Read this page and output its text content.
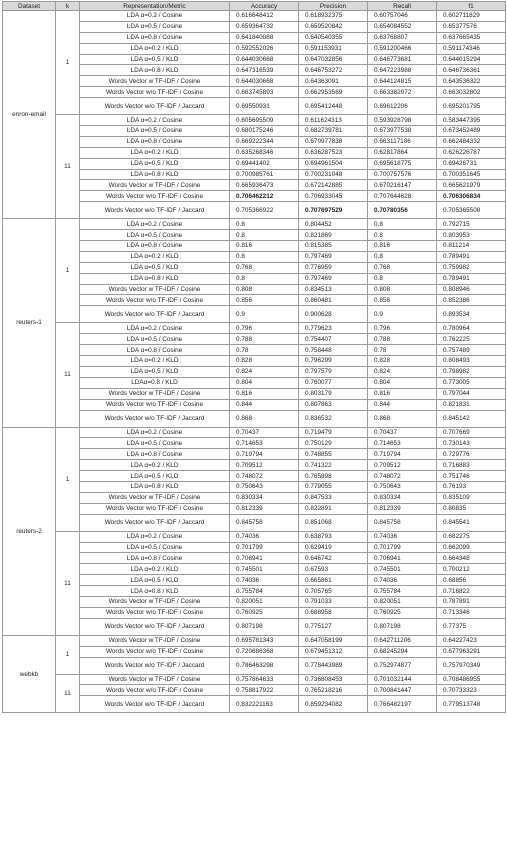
Dataset	k	Representation/Metric	Accuracy	Precision	Recall	f1
enron-email	1	LDA α=0.2 / Cosine	0.616648412	0.618932375	0.60757046	0.602711829
		LDA α=0.5 / Cosine	0.659364732	0.659520842	0.654084552	0.65377576
		LDA α=0.8 / Cosine	0.641840088	0.640540355	0.63768807	0.637665435
		LDA α=0.2 / KLD	0.592552026	0.591153931	0.591200466	0.591174346
		LDA α=0.5 / KLD	0.644030668	0.647032856	0.646773681	0.644015294
		LDA α=0.8 / KLD	0.647316539	0.646753272	0.647223988	0.646736361
		Words Vector w TF-IDF / Cosine	0.644030668	0.64363091	0.644124815	0.643536322
		Words Vector w/o TF-IDF / Cosine	0.663745893	0.662953569	0.663382072	0.663032802
		Words Vector w/o TF-IDF / Jaccard	0.69550931	0.695412448	0.69612206	0.695201795
	11	LDA α=0.2 / Cosine	0.605695509	0.611624313	0.593928798	0.583447395
		LDA α=0.5 / Cosine	0.680175246	0.682739781	0.673977538	0.673452489
		LDA α=0.8 / Cosine	0.669222344	0.670977838	0.663117186	0.662484332
		LDA α=0.2 / KLD	0.635268346	0.636287523	0.62817864	0.626226787
		LDA α=0.5 / KLD	0.69441402	0.694961504	0.695618775	0.69426731
		LDA α=0.8 / KLD	0.700985761	0.700231048	0.700757576	0.700351645
		Words Vector w TF-IDF / Cosine	0.665936473	0.672142885	0.670216147	0.665621979
		Words Vector w/o TF-IDF / Cosine	0.706462212	0.706933045	0.707644628	0.706306834
		Words Vector w/o TF-IDF / Jaccard	0.705366922	0.707697529	0.70780356	0.705365508
reuters-1	1	LDA α=0.2 / Cosine	0.8	0.804452	0.8	0.792715
		LDA α=0.5 / Cosine	0.8	0.821869	0.8	0.803953
		LDA α=0.8 / Cosine	0.816	0.815385	0.816	0.811214
		LDA α=0.2 / KLD	0.8	0.797469	0.8	0.789491
		LDA α=0.5 / KLD	0.768	0.776959	0.768	0.759982
		LDA α=0.8 / KLD	0.8	0.797469	0.8	0.789491
		Words Vector w TF-IDF / Cosine	0.808	0.834513	0.808	0.808946
		Words Vector w/o TF-IDF / Cosine	0.856	0.860481	0.856	0.852386
		Words Vector w/o TF-IDF / Jaccard	0.9	0.900628	0.9	0.893534
	11	LDA α=0.2 / Cosine	0.796	0.779623	0.796	0.780964
		LDA α=0.5 / Cosine	0.788	0.754407	0.788	0.762225
		LDA α=0.8 / Cosine	0.78	0.758448	0.78	0.757489
		LDA α=0.2 / KLD	0.828	0.796299	0.828	0.808493
		LDA α=0.5 / KLD	0.824	0.797579	0.824	0.798982
		LDAα=0.8 / KLD	0.804	0.760077	0.804	0.773005
		Words Vector w TF-IDF / Cosine	0.816	0.803179	0.816	0.797044
		Words Vector w/o TF-IDF / Cosine	0.844	0.807863	0.844	0.821831
		Words Vector w/o TF-IDF / Jaccard	0.868	0.836532	0.868	0.845142
reuters-2	1	LDA α=0.2 / Cosine	0.70437	0.719479	0.70437	0.707669
		LDA α=0.5 / Cosine	0.714653	0.750129	0.714653	0.730143
		LDA α=0.8 / Cosine	0.719794	0.748855	0.719794	0.729776
		LDA α=0.2 / KLD	0.709512	0.741322	0.709512	0.716883
		LDA α=0.5 / KLD	0.748072	0.765898	0.748072	0.751746
		LDA α=0.8 / KLD	0.750643	0.779055	0.750643	0.76193
		Words Vector w TF-IDF / Cosine	0.830334	0.847533	0.830334	0.835109
		Words Vector w/o TF-IDF / Cosine	0.812339	0.822891	0.812339	0.80835
		Words Vector w/o TF-IDF / Jaccard	0.845758	0.851068	0.845758	0.845541
	11	LDA α=0.2 / Cosine	0.74036	0.638793	0.74036	0.682275
		LDA α=0.5 / Cosine	0.701799	0.629419	0.701799	0.662099
		LDA α=0.8 / Cosine	0.706941	0.646742	0.706941	0.664348
		LDA α=0.2 / KLD	0.745501	0.67593	0.745501	0.700212
		LDA α=0.5 / KLD	0.74036	0.665861	0.74036	0.68856
		LDA α=0.8 / KLD	0.755784	0.705765	0.755784	0.716822
		Words Vector w TF-IDF / Cosine	0.820051	0.791033	0.820051	0.787891
		Words Vector w/o TF-IDF / Cosine	0.760925	0.688958	0.760925	0.713346
		Words Vector w/o TF-IDF / Jaccard	0.807198	0.775127	0.807198	0.77375
webkb	1	Words Vector w TF-IDF / Cosine	0.695781343	0.647058199	0.642711206	0.64227423
		Words Vector w/o TF-IDF / Cosine	0.720686368	0.679451312	0.68245294	0.677963291
		Words Vector w/o TF-IDF / Jaccard	0.786463298	0.778443989	0.752974877	0.757970349
	11	Words Vector w TF-IDF / Cosine	0.757864633	0.736808453	0.701032144	0.708486955
		Words Vector w/o TF-IDF / Cosine	0.758817922	0.765218216	0.700841447	0.70733323
		Words Vector w/o TF-IDF / Jaccard	0.832221163	0.859234082	0.766482197	0.779513748
